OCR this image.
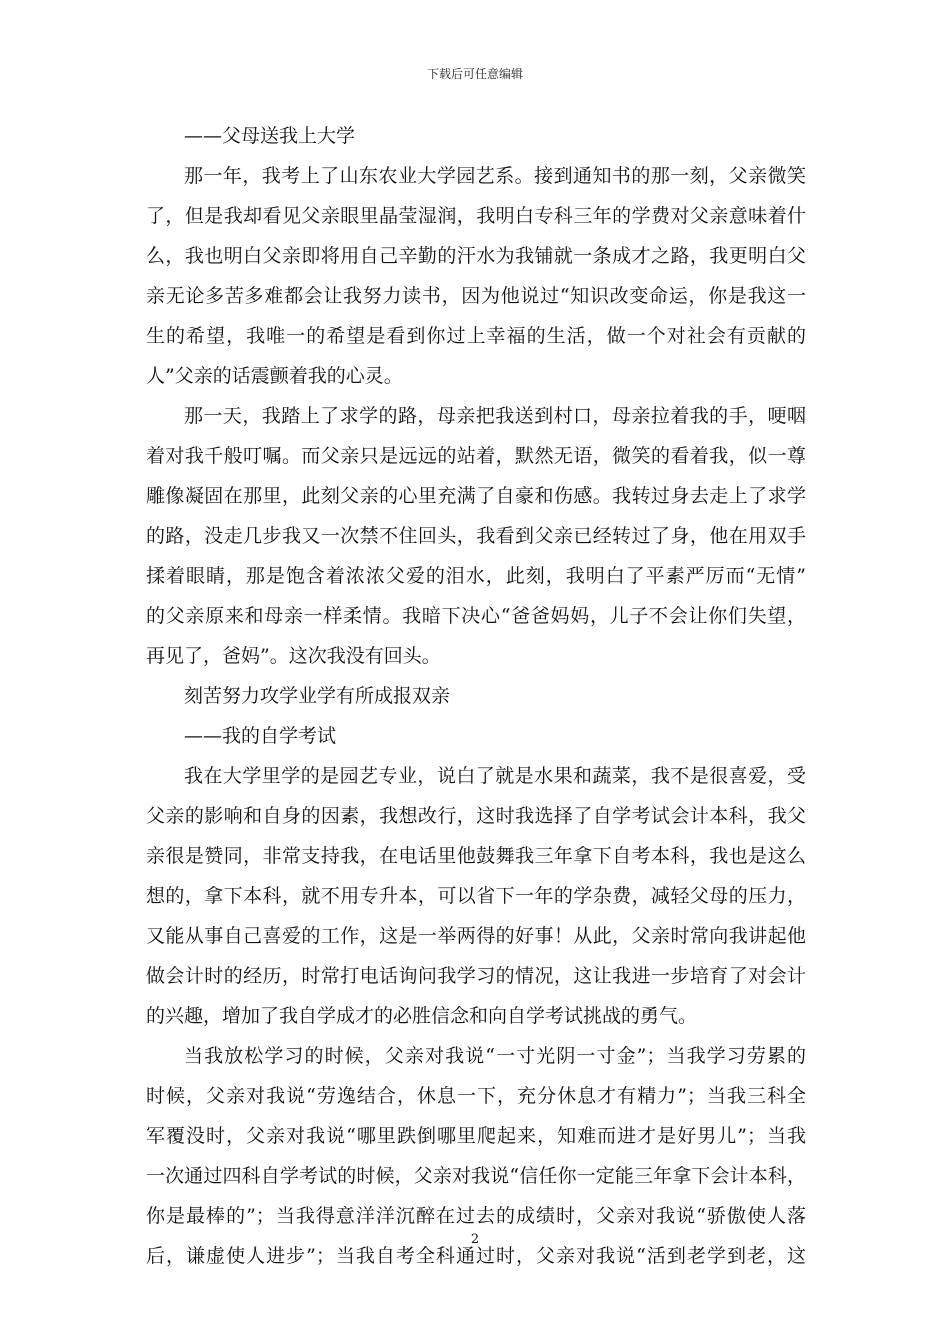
下载后可任意编辑
——父母送我上大学
那一年，我考上了山东农业大学园艺系。接到通知书的那一刻，父亲微笑
了，但是我却看见父亲眼里晶莹湿润，我明白专科三年的学费对父亲意味着什
么，我也明白父亲即将用自己辛勤的汗水为我铺就一条成才之路，我更明白父
亲无论多苦多难都会让我努力读书，因为他说过“知识改变命运，你是我这一
生的希望，我唯一的希望是看到你过上幸福的生活，做一个对社会有贡献的
人”父亲的话震颤着我的心灵。
那一天，我踏上了求学的路，母亲把我送到村口，母亲拉着我的手，哽咽
着对我千般叮嘱。而父亲只是远远的站着，默然无语，微笑的看着我，似一尊
雕像凝固在那里，此刻父亲的心里充满了自豪和伤感。我转过身去走上了求学
的路，没走几步我又一次禁不住回头，我看到父亲已经转过了身，他在用双手
揉着眼睛，那是饱含着浓浓父爱的泪水，此刻，我明白了平素严厉而“无情”
的父亲原来和母亲一样柔情。我暗下决心“爸爸妈妈，儿子不会让你们失望，
再见了，爸妈”。这次我没有回头。
刻苦努力攻学业学有所成报双亲
——我的自学考试
我在大学里学的是园艺专业，说白了就是水果和蔬菜，我不是很喜爱，受
父亲的影响和自身的因素，我想改行，这时我选择了自学考试会计本科，我父
亲很是赞同，非常支持我，在电话里他鼓舞我三年拿下自考本科，我也是这么
想的，拿下本科，就不用专升本，可以省下一年的学杂费，减轻父母的压力，
又能从事自己喜爱的工作，这是一举两得的好事！从此，父亲时常向我讲起他
做会计时的经历，时常打电话询问我学习的情况，这让我进一步培育了对会计
的兴趣，增加了我自学成才的必胜信念和向自学考试挑战的勇气。
当我放松学习的时候，父亲对我说“一寸光阴一寸金”；当我学习劳累的
时候，父亲对我说“劳逸结合，休息一下，充分休息才有精力”；当我三科全
军覆没时，父亲对我说“哪里跌倒哪里爬起来，知难而进才是好男儿”；当我
一次通过四科自学考试的时候，父亲对我说“信任你一定能三年拿下会计本科，
你是最棒的”；当我得意洋洋沉醉在过去的成绩时，父亲对我说“骄傲使人落
后，谦虚使人进步”；当我自考全科通过时，父亲对我说“活到老学到老，这
2
